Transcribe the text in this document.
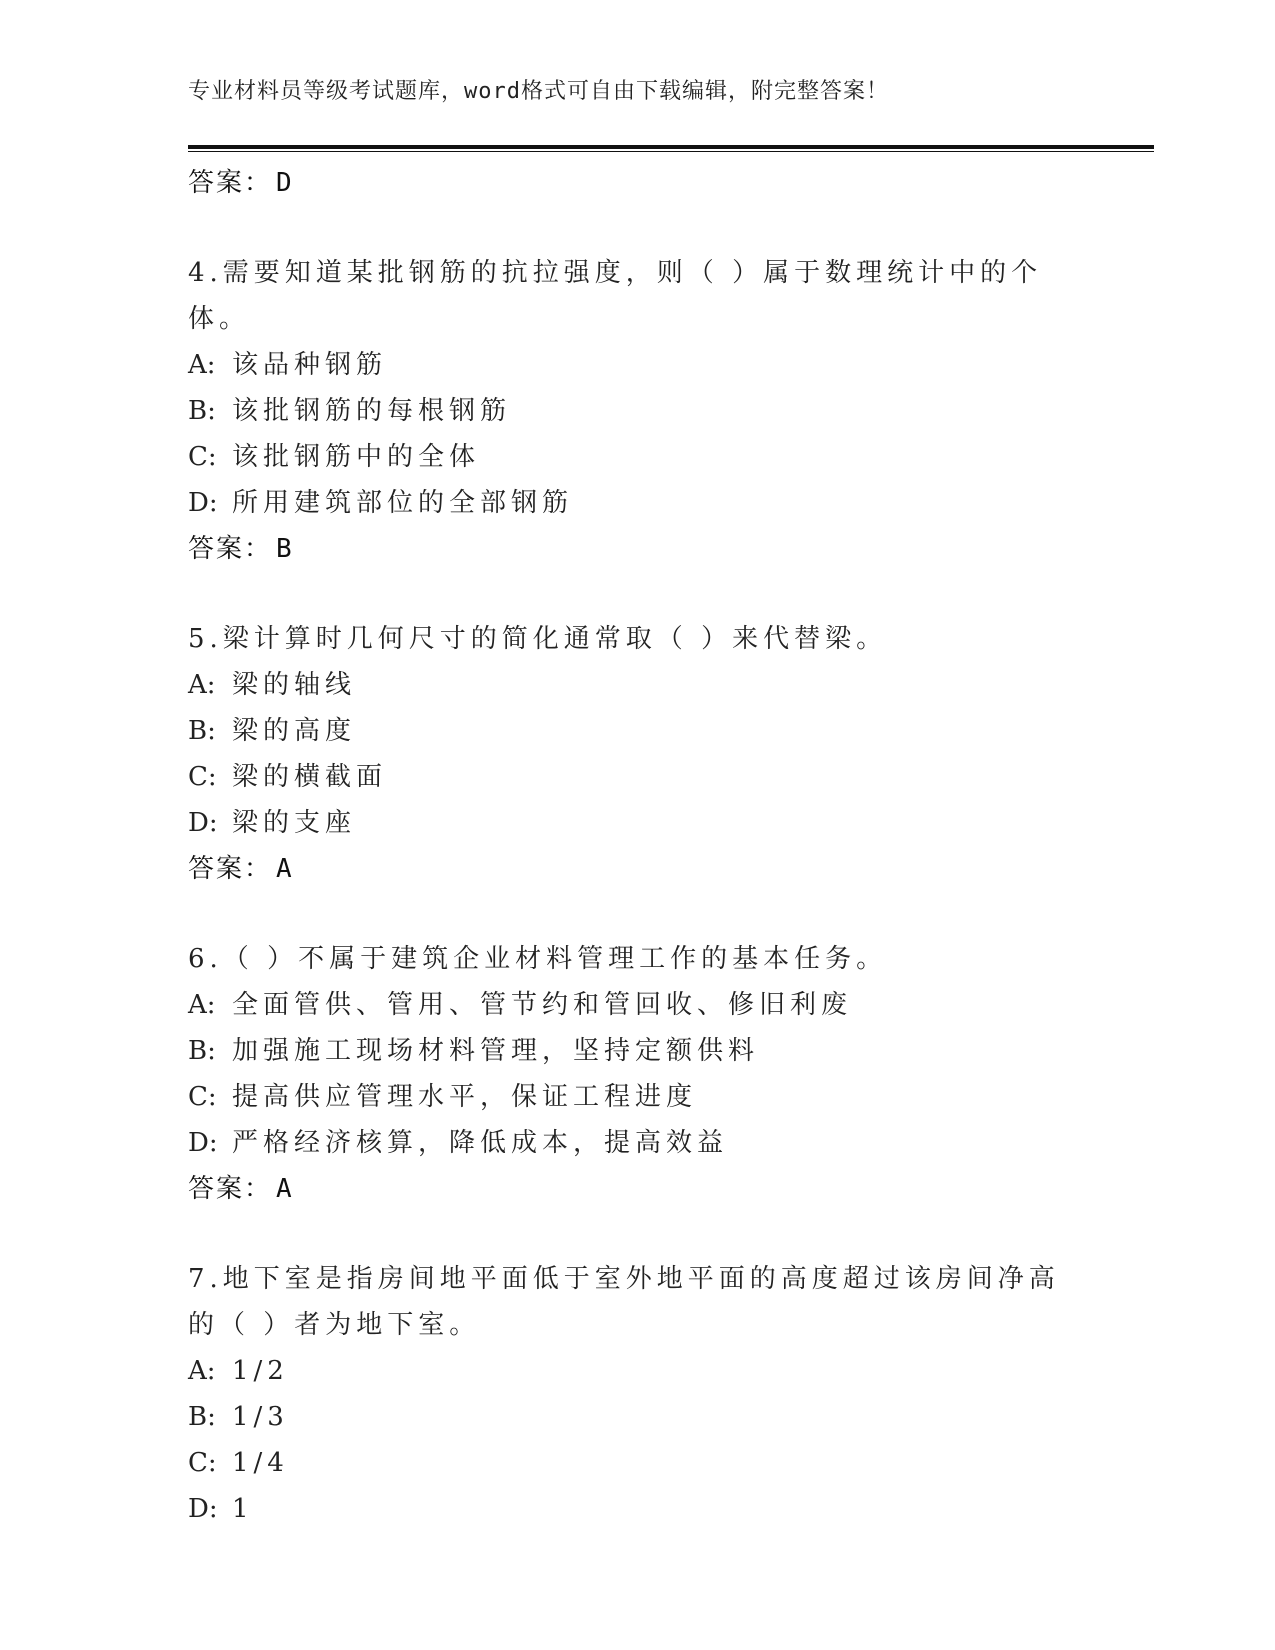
专业材料员等级考试题库，word格式可自由下载编辑，附完整答案！
答案： D
4.需要知道某批钢筋的抗拉强度，则（ ）属于数理统计中的个体。
A: 该品种钢筋
B: 该批钢筋的每根钢筋
C: 该批钢筋中的全体
D: 所用建筑部位的全部钢筋
答案： B
5.梁计算时几何尺寸的简化通常取（ ）来代替梁。
A: 梁的轴线
B: 梁的高度
C: 梁的横截面
D: 梁的支座
答案： A
6.（ ）不属于建筑企业材料管理工作的基本任务。
A: 全面管供、管用、管节约和管回收、修旧利废
B: 加强施工现场材料管理，坚持定额供料
C: 提高供应管理水平，保证工程进度
D: 严格经济核算，降低成本，提高效益
答案： A
7.地下室是指房间地平面低于室外地平面的高度超过该房间净高的（ ）者为地下室。
A: 1/2
B: 1/3
C: 1/4
D: 1
